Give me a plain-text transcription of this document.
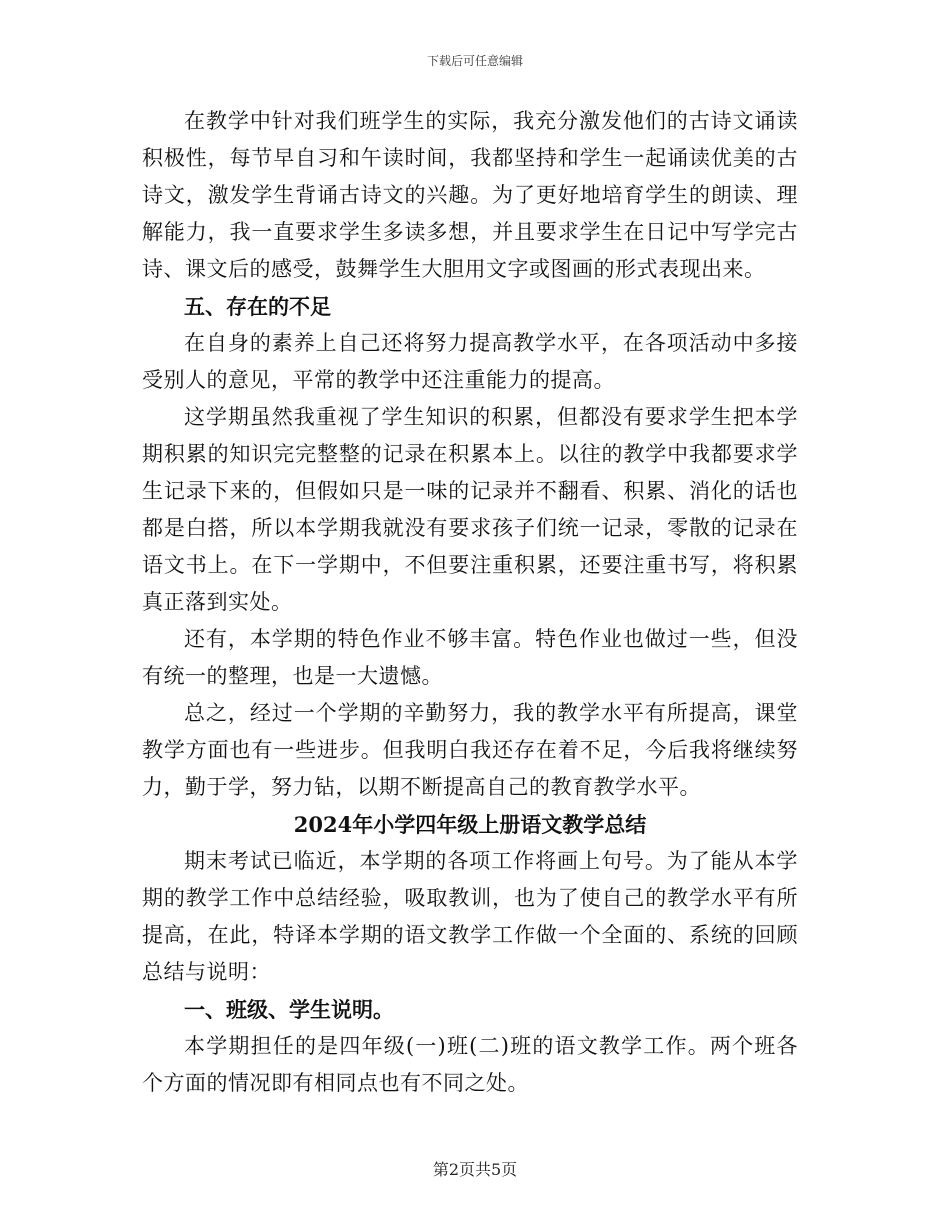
下载后可任意编辑

在教学中针对我们班学生的实际，我充分激发他们的古诗文诵读积极性，每节早自习和午读时间，我都坚持和学生一起诵读优美的古诗文，激发学生背诵古诗文的兴趣。为了更好地培育学生的朗读、理解能力，我一直要求学生多读多想，并且要求学生在日记中写学完古诗、课文后的感受，鼓舞学生大胆用文字或图画的形式表现出来。

五、存在的不足

在自身的素养上自己还将努力提高教学水平，在各项活动中多接受别人的意见，平常的教学中还注重能力的提高。

这学期虽然我重视了学生知识的积累，但都没有要求学生把本学期积累的知识完完整整的记录在积累本上。以往的教学中我都要求学生记录下来的，但假如只是一味的记录并不翻看、积累、消化的话也都是白搭，所以本学期我就没有要求孩子们统一记录，零散的记录在语文书上。在下一学期中，不但要注重积累，还要注重书写，将积累真正落到实处。

还有，本学期的特色作业不够丰富。特色作业也做过一些，但没有统一的整理，也是一大遗憾。

总之，经过一个学期的辛勤努力，我的教学水平有所提高，课堂教学方面也有一些进步。但我明白我还存在着不足，今后我将继续努力，勤于学，努力钻，以期不断提高自己的教育教学水平。

2024年小学四年级上册语文教学总结

期末考试已临近，本学期的各项工作将画上句号。为了能从本学期的教学工作中总结经验，吸取教训，也为了使自己的教学水平有所提高，在此，特译本学期的语文教学工作做一个全面的、系统的回顾总结与说明：

一、班级、学生说明。

本学期担任的是四年级(一)班(二)班的语文教学工作。两个班各个方面的情况即有相同点也有不同之处。

第2页共5页
